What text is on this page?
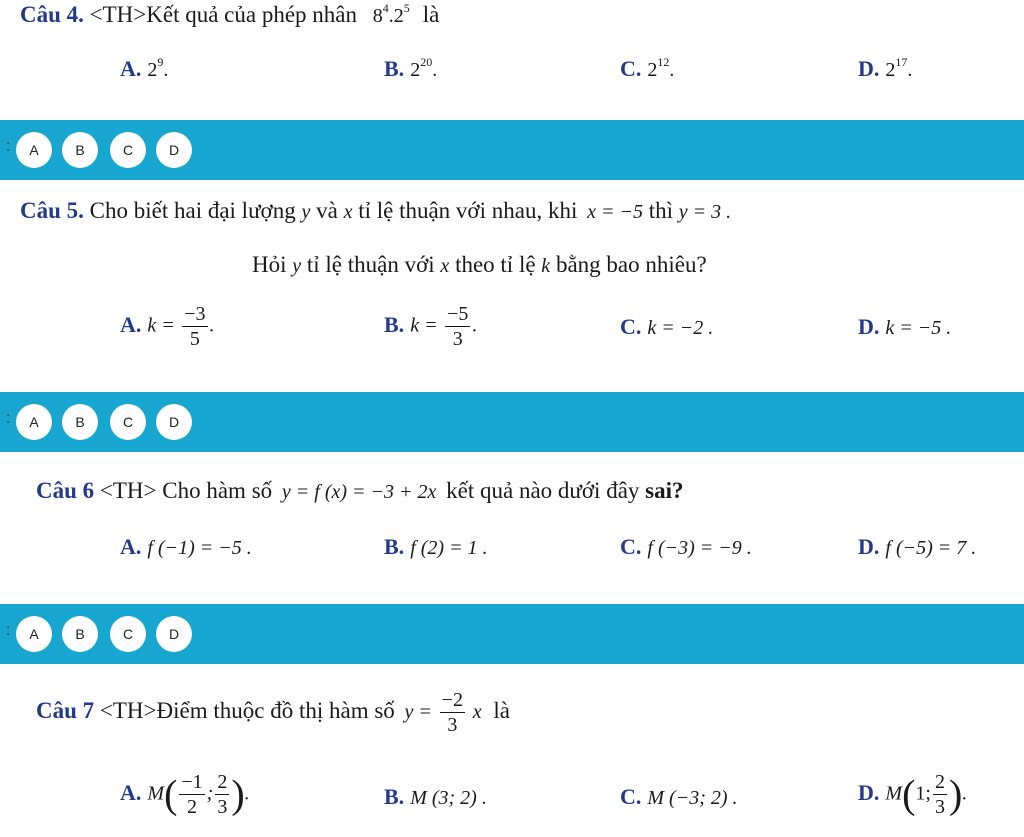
Câu 4. <TH>Kết quả của phép nhân $8^4.2^5$ là
A. $2^9$.	B. $2^{20}$.	C. $2^{12}$.	D. $2^{17}$.
:	A	B	C	D
Câu 5. Cho biết hai đại lượng y và x tỉ lệ thuận với nhau, khi x = −5 thì y = 3 .
Hỏi y tỉ lệ thuận với x theo tỉ lệ k bằng bao nhiêu?
A. $k = \frac{-3}{5}$ .	B. $k = \frac{-5}{3}$ .	C. k = −2 .	D. k = −5 .
:	A	B	C	D
Câu 6 <TH> Cho hàm số y = f (x) = −3 + 2x kết quả nào dưới đây sai?
A. f (−1) = −5 .	B. f (2) = 1 .	C. f (−3) = −9 .	D. f (−5) = 7 .
:	A	B	C	D
Câu 7 <TH>Điểm thuộc đồ thị hàm số $y = \frac{-2}{3}$ x là
A. $M( \frac{-1}{2}$ ; $\frac{2}{3}$ ).	B. M (3; 2) .	C. M (−3; 2) .	D. M(1; $\frac{2}{3}$ ).
